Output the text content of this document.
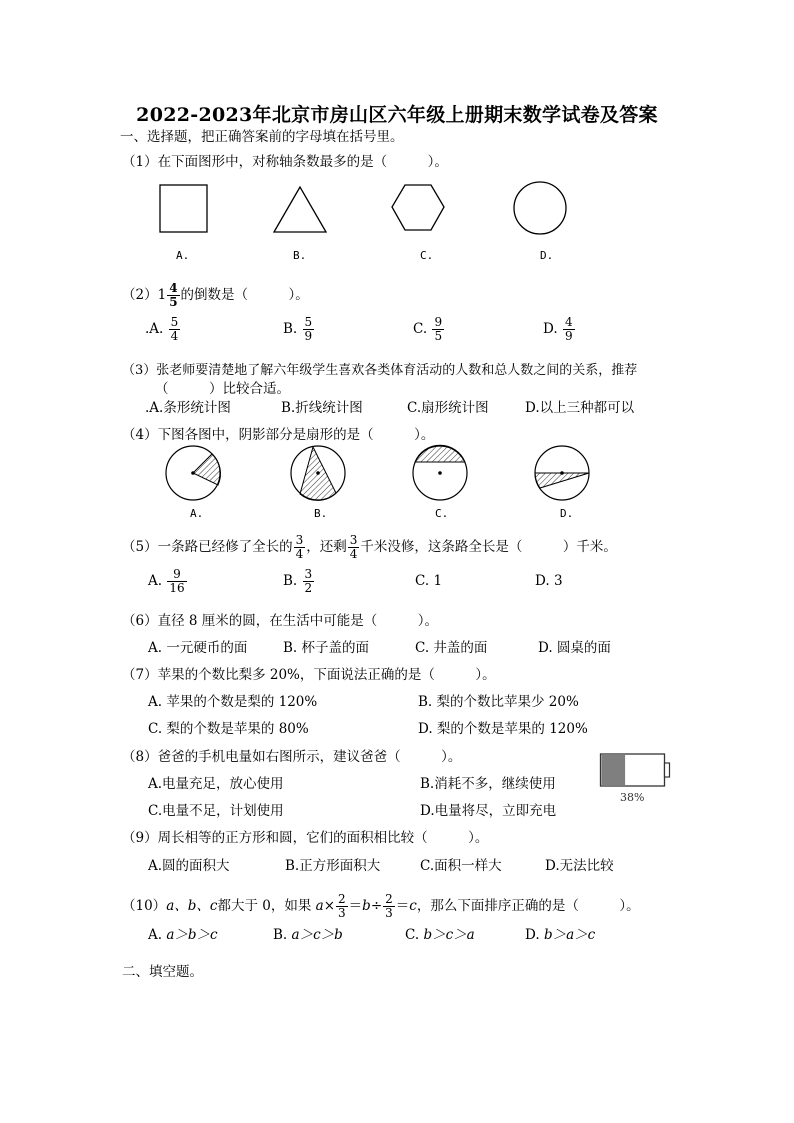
2022-2023年北京市房山区六年级上册期末数学试卷及答案
一、选择题，把正确答案前的字母填在括号里。
（1）在下面图形中，对称轴条数最多的是（　　　）。
A.	B.	C.	D.
$(2)1 \frac{4}{5}$ 的倒数是（　　　）。
.A. $\frac{5}{4}$	B. $\frac{5}{9}$	C. $\frac{9}{5}$	D. $\frac{4}{9}$
（3）张老师要清楚地了解六年级学生喜欢各类体育活动的人数和总人数之间的关系，推荐
（　　　）比较合适。
.A.条形统计图	B.折线统计图	C.扇形统计图	D.以上三种都可以
（4）下图各图中，阴影部分是扇形的是（　　　）。
A.	B.	C.	D.
（5）一条路已经修了全长的 $\frac{3}{4}$ ，还剩 $\frac{3}{4}$ 千米没修，这条路全长是（　　　）千米。
A. $\frac{9}{16}$	B. $\frac{3}{2}$	C. 1	D. 3
（6）直径 8 厘米的圆，在生活中可能是（　　　）。
A. 一元硬币的面	B. 杯子盖的面	C. 井盖的面	D. 圆桌的面
（7）苹果的个数比梨多 20%，下面说法正确的是（　　　）。
A. 苹果的个数是梨的 120%	B. 梨的个数比苹果少 20%
C. 梨的个数是苹果的 80%	D. 梨的个数是苹果的 120%
（8）爸爸的手机电量如右图所示，建议爸爸（　　　）。
A.电量充足，放心使用	B.消耗不多，继续使用
C.电量不足，计划使用	D.电量将尽，立即充电
38%
（9）周长相等的正方形和圆，它们的面积相比较（　　　）。
A.圆的面积大	B.正方形面积大	C.面积一样大	D.无法比较
（10）a、b、c都大于 0，如果 $a\times \frac{2}{3} =b\div \frac{2}{3} =c$，那么下面排序正确的是（　　　）。
A. a＞b＞c	B. a＞c＞b	C. b＞c＞a	D. b＞a＞c
二、填空题。
